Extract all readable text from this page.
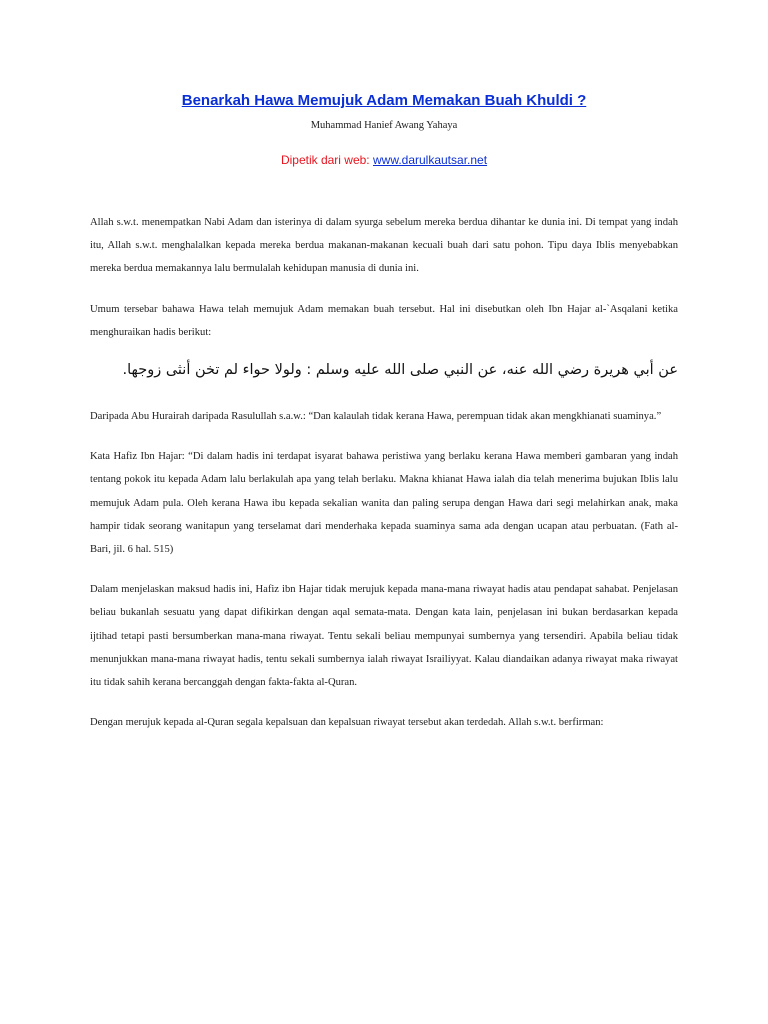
Benarkah Hawa Memujuk Adam Memakan Buah Khuldi ?

Muhammad Hanief Awang Yahaya

Dipetik dari web: www.darulkautsar.net

Allah s.w.t. menempatkan Nabi Adam dan isterinya di dalam syurga sebelum mereka berdua dihantar ke dunia ini. Di tempat yang indah itu, Allah s.w.t. menghalalkan kepada mereka berdua makanan-makanan kecuali buah dari satu pohon. Tipu daya Iblis menyebabkan mereka berdua memakannya lalu bermulalah kehidupan manusia di dunia ini.

Umum tersebar bahawa Hawa telah memujuk Adam memakan buah tersebut. Hal ini disebutkan oleh Ibn Hajar al-`Asqalani ketika menghuraikan hadis berikut:

عن أبي هريرة رضي الله عنه، عن النبي صلى الله عليه وسلم : ولولا حواء لم تخن أنثى زوجها.

Daripada Abu Hurairah daripada Rasulullah s.a.w.: “Dan kalaulah tidak kerana Hawa, perempuan tidak akan mengkhianati suaminya.”

Kata Hafiz Ibn Hajar: “Di dalam hadis ini terdapat isyarat bahawa peristiwa yang berlaku kerana Hawa memberi gambaran yang indah tentang pokok itu kepada Adam lalu berlakulah apa yang telah berlaku. Makna khianat Hawa ialah dia telah menerima bujukan Iblis lalu memujuk Adam pula. Oleh kerana Hawa ibu kepada sekalian wanita dan paling serupa dengan Hawa dari segi melahirkan anak, maka hampir tidak seorang wanitapun yang terselamat dari menderhaka kepada suaminya sama ada dengan ucapan atau perbuatan. (Fath al-Bari, jil. 6 hal. 515)

Dalam menjelaskan maksud hadis ini, Hafiz ibn Hajar tidak merujuk kepada mana-mana riwayat hadis atau pendapat sahabat. Penjelasan beliau bukanlah sesuatu yang dapat difikirkan dengan aqal semata-mata. Dengan kata lain, penjelasan ini bukan berdasarkan kepada ijtihad tetapi pasti bersumberkan mana-mana riwayat. Tentu sekali beliau mempunyai sumbernya yang tersendiri. Apabila beliau tidak menunjukkan mana-mana riwayat hadis, tentu sekali sumbernya ialah riwayat Israiliyyat. Kalau diandaikan adanya riwayat maka riwayat itu tidak sahih kerana bercanggah dengan fakta-fakta al-Quran.

Dengan merujuk kepada al-Quran segala kepalsuan dan kepalsuan riwayat tersebut akan terdedah. Allah s.w.t. berfirman:
